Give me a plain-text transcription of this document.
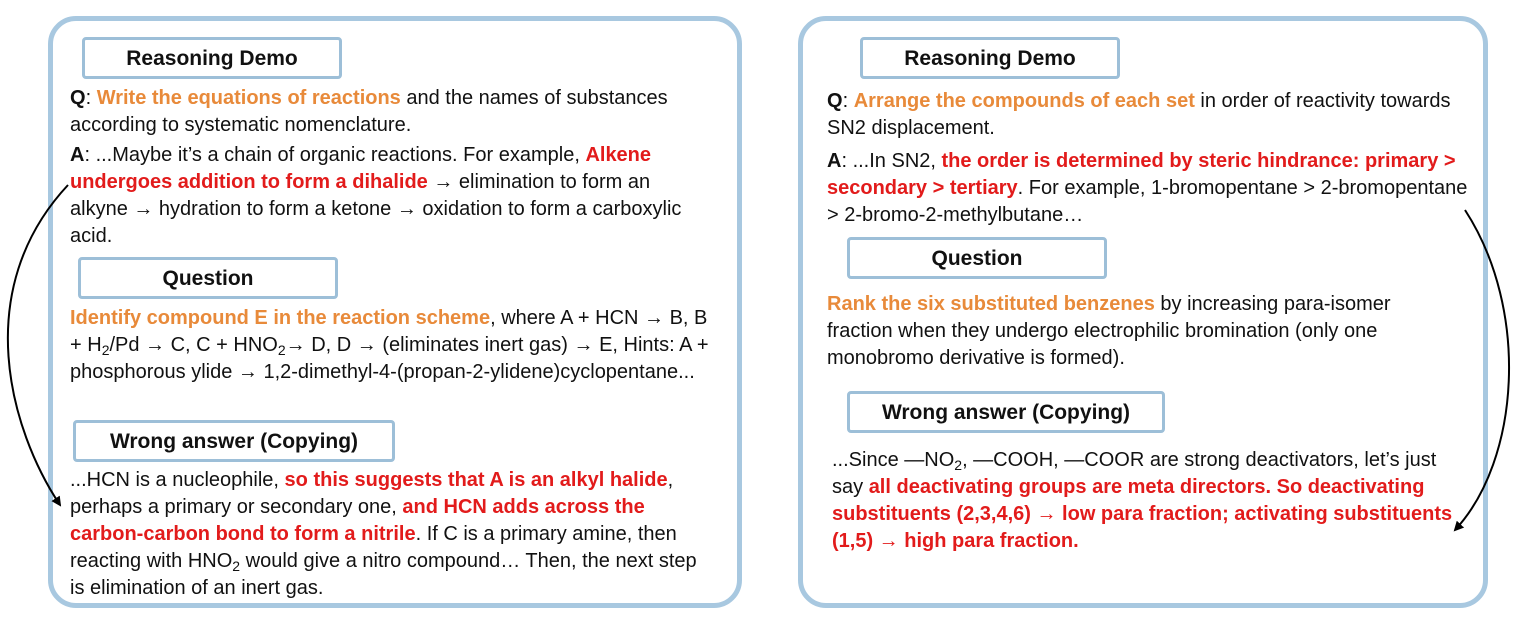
Reasoning Demo

Q: Write the equations of reactions and the names of substances according to systematic nomenclature.

A: ...Maybe it’s a chain of organic reactions. For example, Alkene undergoes addition to form a dihalide → elimination to form an alkyne → hydration to form a ketone → oxidation to form a carboxylic acid.

Question

Identify compound E in the reaction scheme, where A + HCN → B, $B + H_2/Pd \to C$, $C + HNO_2\to D$, D → (eliminates inert gas) → E, Hints: A + phosphorous ylide → 1,2-dimethyl-4-(propan-2-ylidene)cyclopentane...

Wrong answer (Copying)

...HCN is a nucleophile, so this suggests that A is an alkyl halide, perhaps a primary or secondary one, and HCN adds across the carbon-carbon bond to form a nitrile. If C is a primary amine, then reacting with $HNO_2$ would give a nitro compound… Then, the next step is elimination of an inert gas.

Reasoning Demo

Q: Arrange the compounds of each set in order of reactivity towards SN2 displacement.

A: ...In SN2, the order is determined by steric hindrance: primary > secondary > tertiary. For example, 1-bromopentane > 2-bromopentane > 2-bromo-2-methylbutane…

Question

Rank the six substituted benzenes by increasing para-isomer fraction when they undergo electrophilic bromination (only one monobromo derivative is formed).

Wrong answer (Copying)

...Since $—NO_2$, —COOH, —COOR are strong deactivators, let’s just say all deactivating groups are meta directors. So deactivating substituents (2,3,4,6) → low para fraction; activating substituents (1,5) → high para fraction.
